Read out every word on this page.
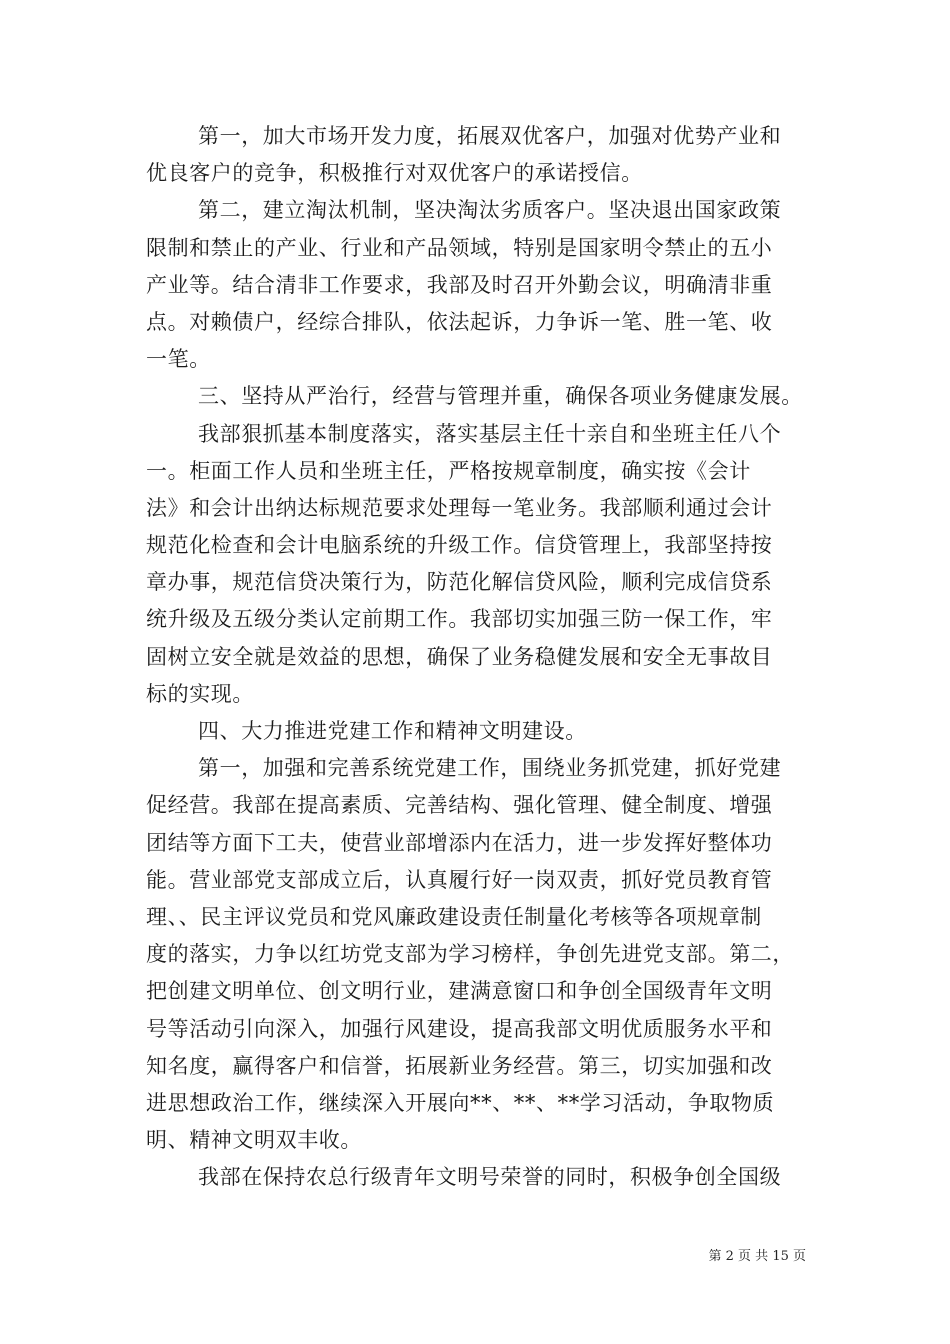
第一，加大市场开发力度，拓展双优客户，加强对优势产业和
优良客户的竞争，积极推行对双优客户的承诺授信。
第二，建立淘汰机制，坚决淘汰劣质客户。坚决退出国家政策
限制和禁止的产业、行业和产品领域，特别是国家明令禁止的五小
产业等。结合清非工作要求，我部及时召开外勤会议，明确清非重
点。对赖债户，经综合排队，依法起诉，力争诉一笔、胜一笔、收
一笔。
三、坚持从严治行，经营与管理并重，确保各项业务健康发展。
我部狠抓基本制度落实，落实基层主任十亲自和坐班主任八个
一。柜面工作人员和坐班主任，严格按规章制度，确实按《会计
法》和会计出纳达标规范要求处理每一笔业务。我部顺利通过会计
规范化检查和会计电脑系统的升级工作。信贷管理上，我部坚持按
章办事，规范信贷决策行为，防范化解信贷风险，顺利完成信贷系
统升级及五级分类认定前期工作。我部切实加强三防一保工作，牢
固树立安全就是效益的思想，确保了业务稳健发展和安全无事故目
标的实现。
四、大力推进党建工作和精神文明建设。
第一，加强和完善系统党建工作，围绕业务抓党建，抓好党建
促经营。我部在提高素质、完善结构、强化管理、健全制度、增强
团结等方面下工夫，使营业部增添内在活力，进一步发挥好整体功
能。营业部党支部成立后，认真履行好一岗双责，抓好党员教育管
理、、民主评议党员和党风廉政建设责任制量化考核等各项规章制
度的落实，力争以红坊党支部为学习榜样，争创先进党支部。第二，
把创建文明单位、创文明行业，建满意窗口和争创全国级青年文明
号等活动引向深入，加强行风建设，提高我部文明优质服务水平和
知名度，赢得客户和信誉，拓展新业务经营。第三，切实加强和改
进思想政治工作，继续深入开展向**、**、**学习活动，争取物质
明、精神文明双丰收。
我部在保持农总行级青年文明号荣誉的同时，积极争创全国级
第 2 页 共 15 页
